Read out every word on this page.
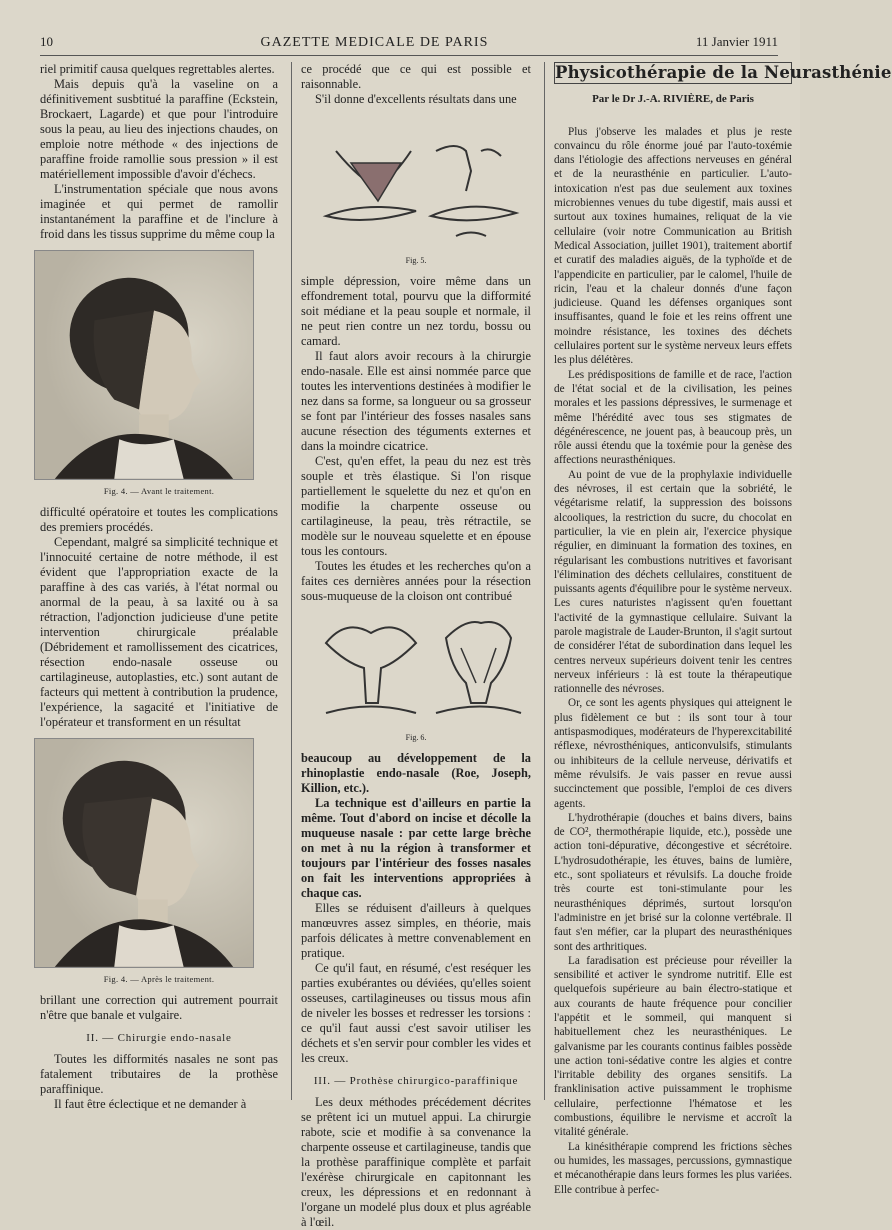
10	GAZETTE MEDICALE DE PARIS	11 Janvier 1911

riel primitif causa quelques regrettables alertes.

Mais depuis qu'à la vaseline on a définitivement susbtitué la paraffine (Eckstein, Brockaert, Lagarde) et que pour l'introduire sous la peau, au lieu des injections chaudes, on emploie notre méthode « des injections de paraffine froide ramollie sous pression » il est matériellement impossible d'avoir d'échecs.

L'instrumentation spéciale que nous avons imaginée et qui permet de ramollir instantanément la paraffine et de l'inclure à froid dans les tissus supprime du même coup la

Fig. 4. — Avant le traitement.

difficulté opératoire et toutes les complications des premiers procédés.

Cependant, malgré sa simplicité technique et l'innocuité certaine de notre méthode, il est évident que l'appropriation exacte de la paraffine à des cas variés, à l'état normal ou anormal de la peau, à sa laxité ou à sa rétraction, l'adjonction judicieuse d'une petite intervention chirurgicale préalable (Débridement et ramollissement des cicatrices, résection endo-nasale osseuse ou cartilagineuse, autoplasties, etc.) sont autant de facteurs qui mettent à contribution la prudence, l'expérience, la sagacité et l'initiative de l'opérateur et transforment en un résultat

Fig. 4. — Après le traitement.

brillant une correction qui autrement pourrait n'être que banale et vulgaire.

II. — Chirurgie endo-nasale

Toutes les difformités nasales ne sont pas fatalement tributaires de la prothèse paraffinique.

Il faut être éclectique et ne demander à

ce procédé que ce qui est possible et raisonnable.

S'il donne d'excellents résultats dans une

Fig. 5.

simple dépression, voire même dans un effondrement total, pourvu que la difformité soit médiane et la peau souple et normale, il ne peut rien contre un nez tordu, bossu ou camard.

Il faut alors avoir recours à la chirurgie endo-nasale. Elle est ainsi nommée parce que toutes les interventions destinées à modifier le nez dans sa forme, sa longueur ou sa grosseur se font par l'intérieur des fosses nasales sans aucune résection des téguments externes et dans la moindre cicatrice.

C'est, qu'en effet, la peau du nez est très souple et très élastique. Si l'on risque partiellement le squelette du nez et qu'on en modifie la charpente osseuse ou cartilagineuse, la peau, très rétractile, se modèle sur le nouveau squelette et en épouse tous les contours.

Toutes les études et les recherches qu'on a faites ces dernières années pour la résection sous-muqueuse de la cloison ont contribué

Fig. 6.

beaucoup au développement de la rhinoplastie endo-nasale (Roe, Joseph, Killion, etc.).

La technique est d'ailleurs en partie la même. Tout d'abord on incise et décolle la muqueuse nasale : par cette large brèche on met à nu la région à transformer et toujours par l'intérieur des fosses nasales on fait les interventions appropriées à chaque cas.

Elles se réduisent d'ailleurs à quelques manœuvres assez simples, en théorie, mais parfois délicates à mettre convenablement en pratique.

Ce qu'il faut, en résumé, c'est reséquer les parties exubérantes ou déviées, qu'elles soient osseuses, cartilagineuses ou tissus mous afin de niveler les bosses et redresser les torsions : ce qu'il faut aussi c'est savoir utiliser les déchets et s'en servir pour combler les vides et les creux.

III. — Prothèse chirurgico-paraffinique

Les deux méthodes précédement décrites se prêtent ici un mutuel appui. La chirurgie rabote, scie et modifie à sa convenance la charpente osseuse et cartilagineuse, tandis que la prothèse paraffinique complète et parfait l'exérèse chirurgicale en capitonnant les creux, les dépressions et en redonnant à l'organe un modelé plus doux et plus agréable à l'œil.

Physicothérapie de la Neurasthénie
Par le Dr J.-A. RIVIÈRE, de Paris

Plus j'observe les malades et plus je reste convaincu du rôle énorme joué par l'auto-toxémie dans l'étiologie des affections nerveuses en général et de la neurasthénie en particulier. L'auto-intoxication n'est pas due seulement aux toxines microbiennes venues du tube digestif, mais aussi et surtout aux toxines humaines, reliquat de la vie cellulaire (voir notre Communication au British Medical Association, juillet 1901), traitement abortif et curatif des maladies aiguës, de la typhoïde et de l'appendicite en particulier, par le calomel, l'huile de ricin, l'eau et la chaleur donnés d'une façon judicieuse. Quand les défenses organiques sont insuffisantes, quand le foie et les reins offrent une moindre résistance, les toxines des déchets cellulaires portent sur le système nerveux leurs effets les plus délétères.

Les prédispositions de famille et de race, l'action de l'état social et de la civilisation, les peines morales et les passions dépressives, le surmenage et même l'hérédité avec tous ses stigmates de dégénérescence, ne jouent pas, à beaucoup près, un rôle aussi étendu que la toxémie pour la genèse des affections neurasthéniques.

Au point de vue de la prophylaxie individuelle des névroses, il est certain que la sobriété, le végétarisme relatif, la suppression des boissons alcooliques, la restriction du sucre, du chocolat en particulier, la vie en plein air, l'exercice physique régulier, en diminuant la formation des toxines, en régularisant les combustions nutritives et favorisant l'élimination des déchets cellulaires, constituent de puissants agents d'équilibre pour le système nerveux. Les cures naturistes n'agissent qu'en fouettant l'activité de la gymnastique cellulaire. Suivant la parole magistrale de Lauder-Brunton, il s'agit surtout de considérer l'état de subordination dans lequel les centres nerveux supérieurs doivent tenir les centres nerveux inférieurs : là est toute la thérapeutique rationnelle des névroses.

Or, ce sont les agents physiques qui atteignent le plus fidèlement ce but : ils sont tour à tour antispasmodiques, modérateurs de l'hyperexcitabilité réflexe, névrosthéniques, anticonvulsifs, stimulants ou inhibiteurs de la cellule nerveuse, dérivatifs et même révulsifs. Je vais passer en revue aussi succinctement que possible, l'emploi de ces divers agents.

L'hydrothérapie (douches et bains divers, bains de CO², thermothérapie liquide, etc.), possède une action toni-dépurative, décongestive et sécrétoire. L'hydrosudothérapie, les étuves, bains de lumière, etc., sont spoliateurs et révulsifs. La douche froide très courte est toni-stimulante pour les neurasthéniques déprimés, surtout lorsqu'on l'administre en jet brisé sur la colonne vertébrale. Il faut s'en méfier, car la plupart des neurasthéniques sont des arthritiques.

La faradisation est précieuse pour réveiller la sensibilité et activer le syndrome nutritif. Elle est quelquefois supérieure au bain électro-statique et aux courants de haute fréquence pour concilier l'appétit et le sommeil, qui manquent si habituellement chez les neurasthéniques. Le galvanisme par les courants continus faibles possède une action toni-sédative contre les algies et contre l'irritable debility des organes sensitifs. La franklinisation active puissamment le trophisme cellulaire, perfectionne l'hématose et les combustions, équilibre le nervisme et accroît la vitalité générale.

La kinésithérapie comprend les frictions sèches ou humides, les massages, percussions, gymnastique et mécanothérapie dans leurs formes les plus variées. Elle contribue à perfec-
